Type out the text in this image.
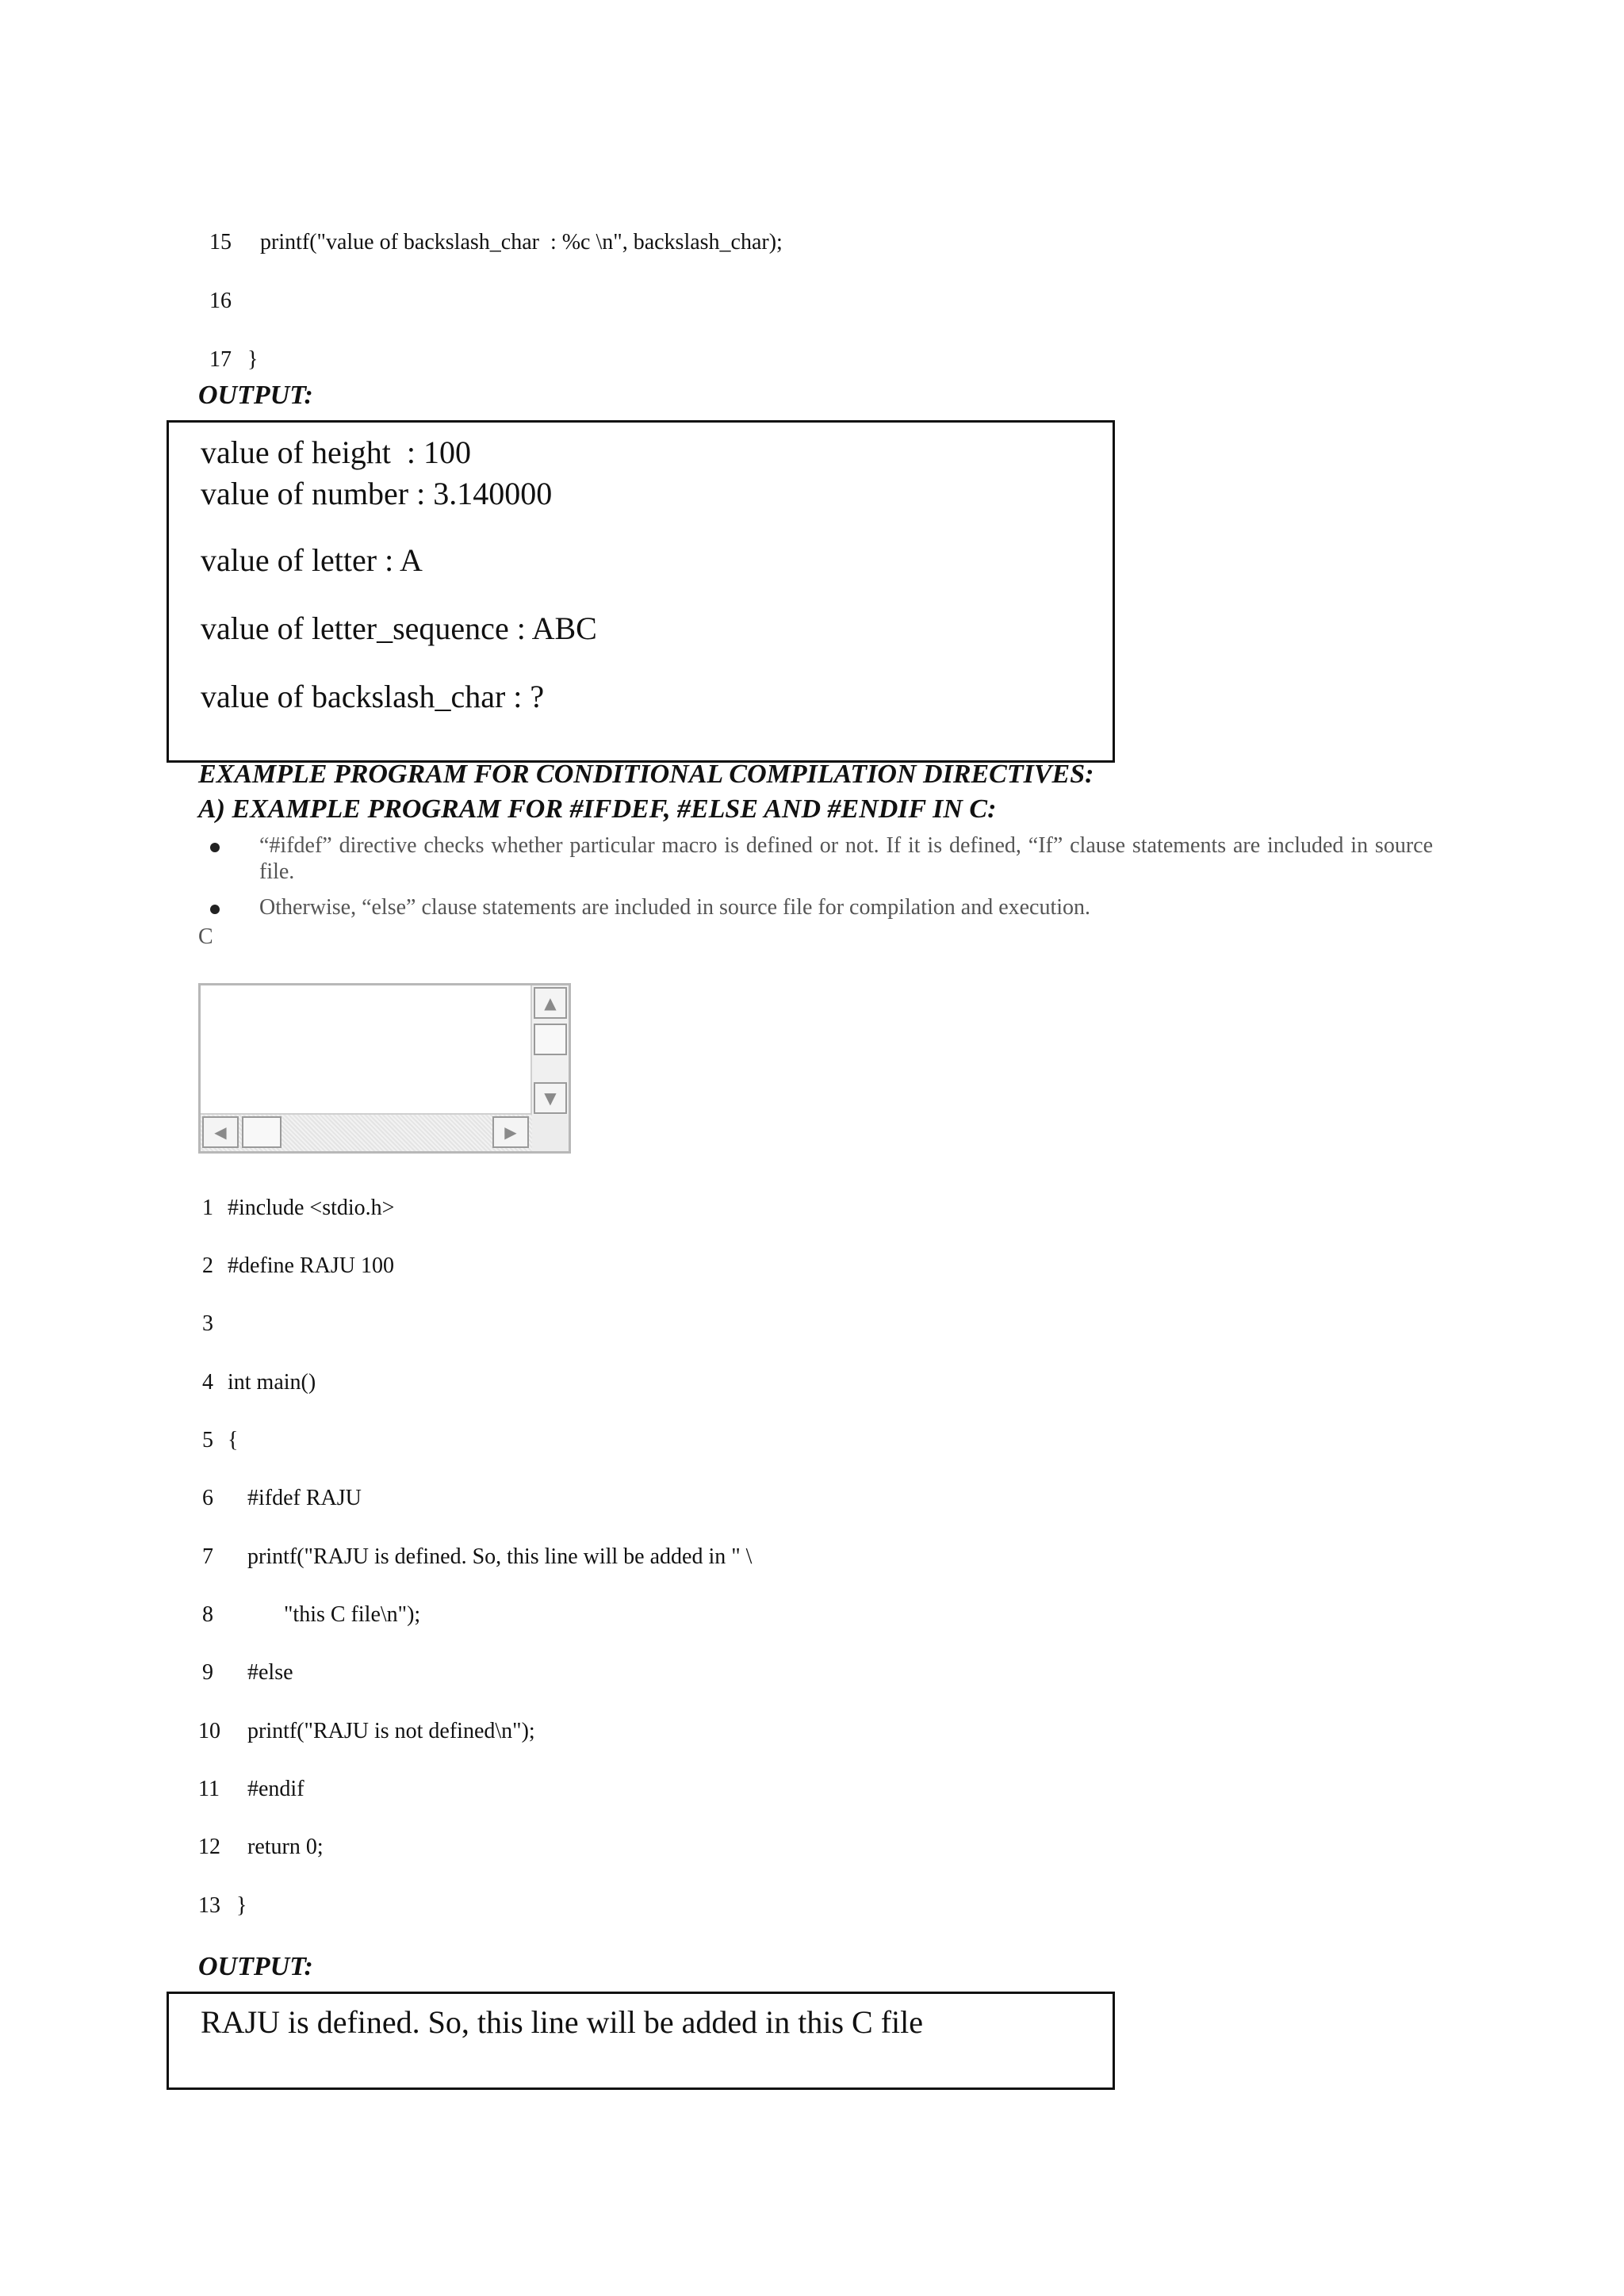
15 printf("value of backslash_char  : %c \n", backslash_char);

16

17 }

OUTPUT:
value of height  : 100
value of number : 3.140000
value of letter : A
value of letter_sequence : ABC
value of backslash_char : ?
EXAMPLE PROGRAM FOR CONDITIONAL COMPILATION DIRECTIVES:
A) EXAMPLE PROGRAM FOR #IFDEF, #ELSE AND #ENDIF IN C:
“#ifdef” directive checks whether particular macro is defined or not. If it is defined, “If” clause statements are included in source file.
Otherwise, “else” clause statements are included in source file for compilation and execution.
C
▲
▼
◀	▶
1 #include <stdio.h>
2 #define RAJU 100
3
4 int main()
5 {
6 #ifdef RAJU
7 printf("RAJU is defined. So, this line will be added in " \
8	"this C file\n");
9 #else
10 printf("RAJU is not defined\n");
11 #endif
12 return 0;
13 }
OUTPUT:
RAJU is defined. So, this line will be added in this C file
